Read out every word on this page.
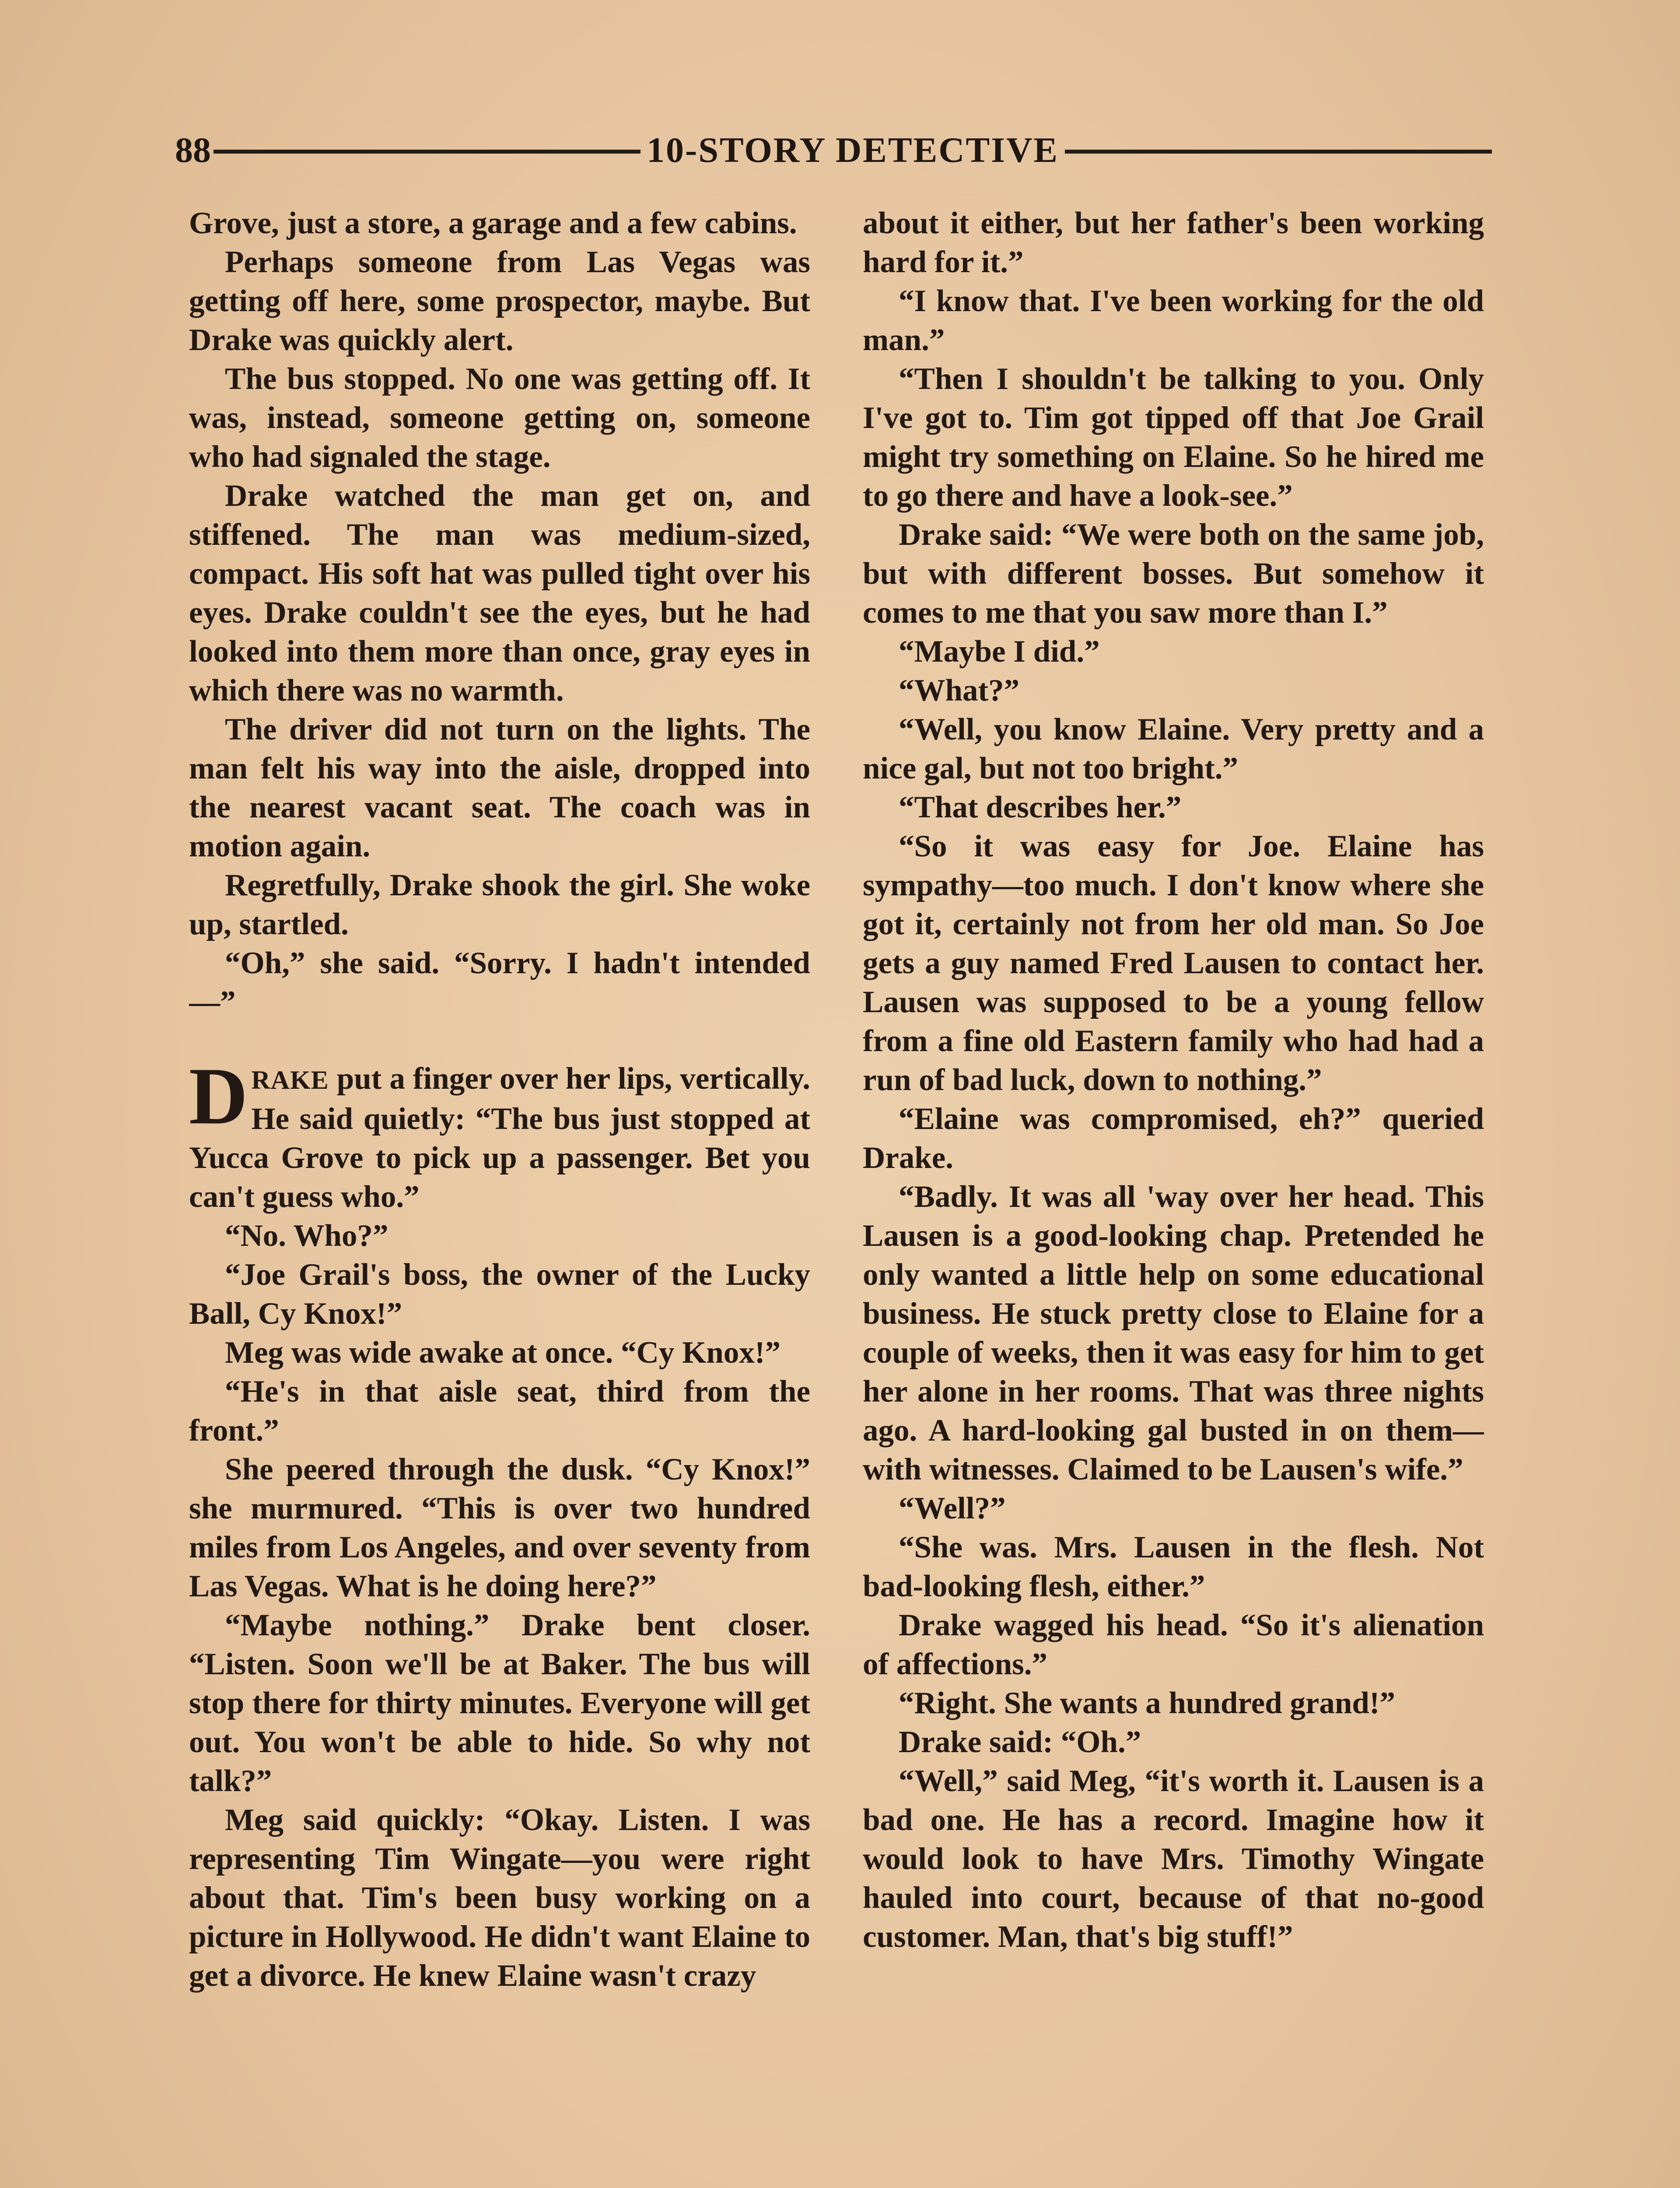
88	10-STORY DETECTIVE

Grove, just a store, a garage and a few cabins.

Perhaps someone from Las Vegas was getting off here, some prospector, maybe. But Drake was quickly alert.

The bus stopped. No one was getting off. It was, instead, someone getting on, someone who had signaled the stage.

Drake watched the man get on, and stiffened. The man was medium-sized, compact. His soft hat was pulled tight over his eyes. Drake couldn't see the eyes, but he had looked into them more than once, gray eyes in which there was no warmth.

The driver did not turn on the lights. The man felt his way into the aisle, dropped into the nearest vacant seat. The coach was in motion again.

Regretfully, Drake shook the girl. She woke up, startled.

“Oh,” she said. “Sorry. I hadn't intended—”

DRAKE put a finger over her lips, vertically. He said quietly: “The bus just stopped at Yucca Grove to pick up a passenger. Bet you can't guess who.”

“No. Who?”

“Joe Grail's boss, the owner of the Lucky Ball, Cy Knox!”

Meg was wide awake at once. “Cy Knox!”

“He's in that aisle seat, third from the front.”

She peered through the dusk. “Cy Knox!” she murmured. “This is over two hundred miles from Los Angeles, and over seventy from Las Vegas. What is he doing here?”

“Maybe nothing.” Drake bent closer. “Listen. Soon we'll be at Baker. The bus will stop there for thirty minutes. Everyone will get out. You won't be able to hide. So why not talk?”

Meg said quickly: “Okay. Listen. I was representing Tim Wingate—you were right about that. Tim's been busy working on a picture in Hollywood. He didn't want Elaine to get a divorce. He knew Elaine wasn't crazy

about it either, but her father's been working hard for it.”

“I know that. I've been working for the old man.”

“Then I shouldn't be talking to you. Only I've got to. Tim got tipped off that Joe Grail might try something on Elaine. So he hired me to go there and have a look-see.”

Drake said: “We were both on the same job, but with different bosses. But somehow it comes to me that you saw more than I.”

“Maybe I did.”

“What?”

“Well, you know Elaine. Very pretty and a nice gal, but not too bright.”

“That describes her.”

“So it was easy for Joe. Elaine has sympathy—too much. I don't know where she got it, certainly not from her old man. So Joe gets a guy named Fred Lausen to contact her. Lausen was supposed to be a young fellow from a fine old Eastern family who had had a run of bad luck, down to nothing.”

“Elaine was compromised, eh?” queried Drake.

“Badly. It was all 'way over her head. This Lausen is a good-looking chap. Pretended he only wanted a little help on some educational business. He stuck pretty close to Elaine for a couple of weeks, then it was easy for him to get her alone in her rooms. That was three nights ago. A hard-looking gal busted in on them—with witnesses. Claimed to be Lausen's wife.”

“Well?”

“She was. Mrs. Lausen in the flesh. Not bad-looking flesh, either.”

Drake wagged his head. “So it's alienation of affections.”

“Right. She wants a hundred grand!”

Drake said: “Oh.”

“Well,” said Meg, “it's worth it. Lausen is a bad one. He has a record. Imagine how it would look to have Mrs. Timothy Wingate hauled into court, because of that no-good customer. Man, that's big stuff!”
